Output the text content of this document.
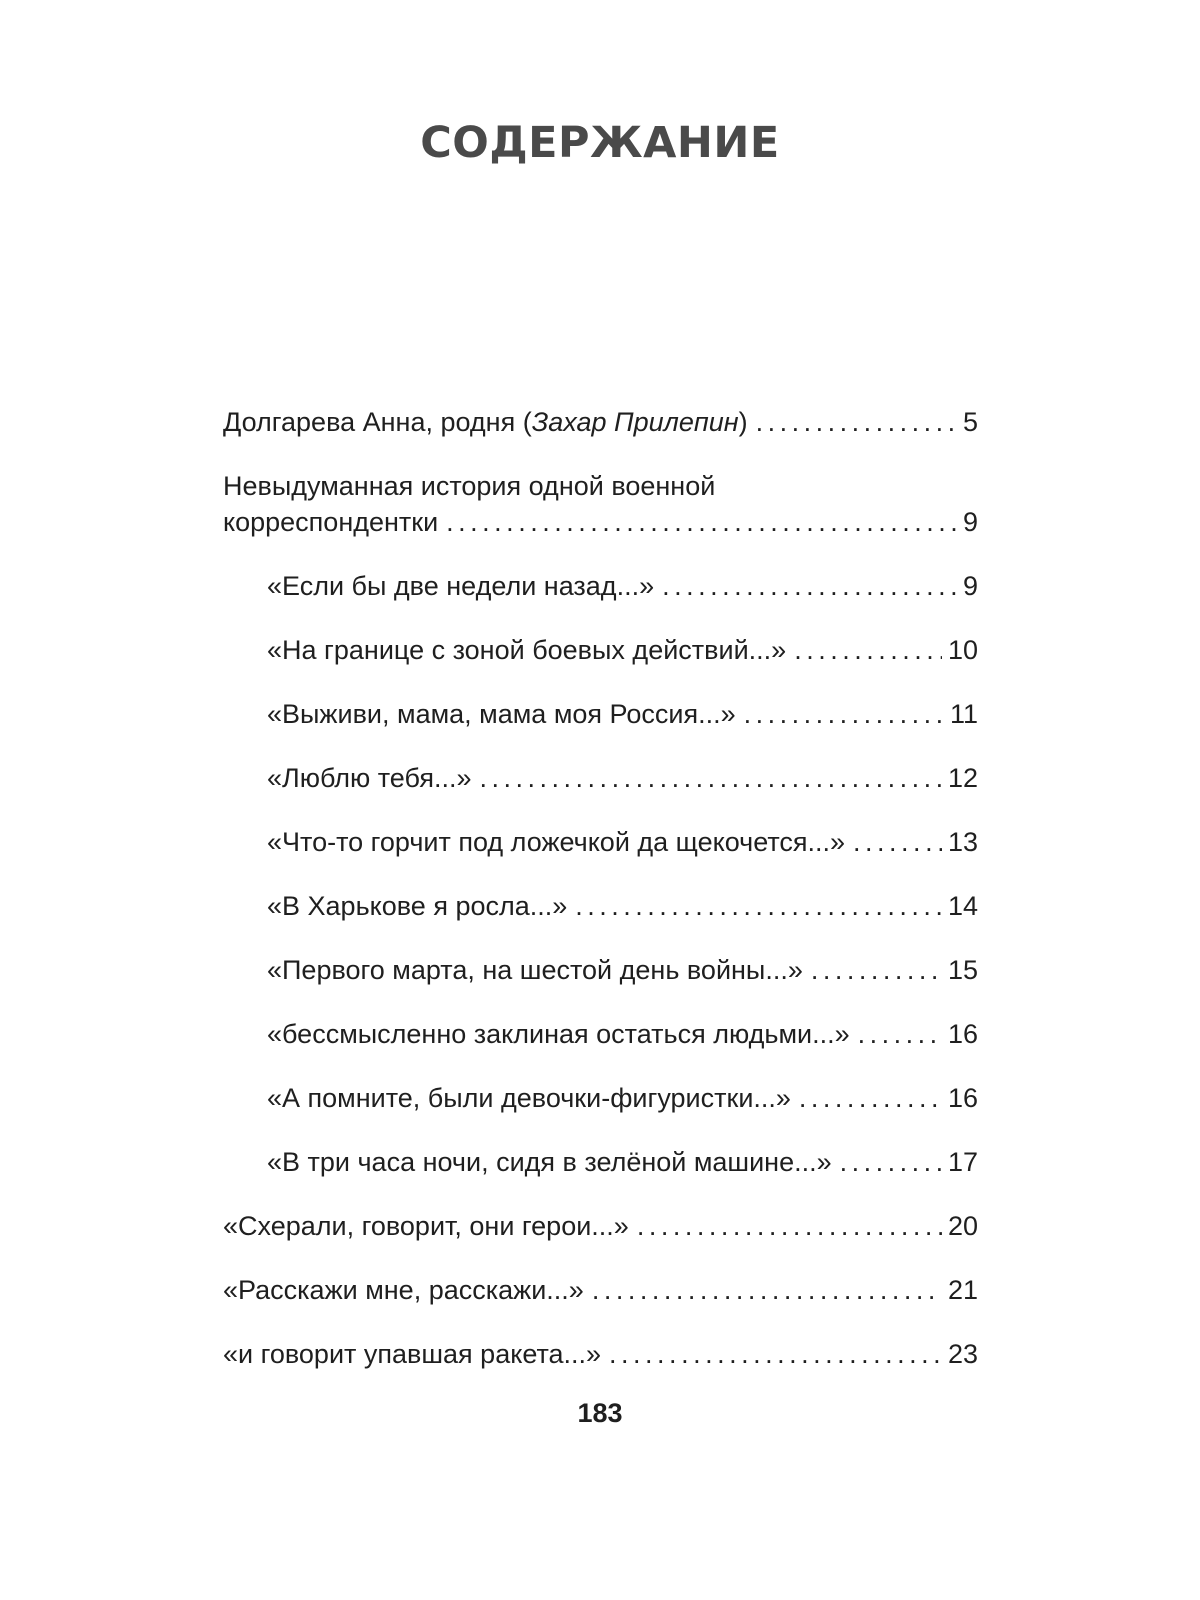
СОДЕРЖАНИЕ
Долгарева Анна, родня (Захар Прилепин) . . .	5
Невыдуманная история одной военной
корреспондентки . . .	9
«Если бы две недели назад...» . . .	9
«На границе с зоной боевых действий...» . . .	10
«Выживи, мама, мама моя Россия...» . . .	11
«Люблю тебя...» . . .	12
«Что-то горчит под ложечкой да щекочется...» . . .	13
«В Харькове я росла...» . . .	14
«Первого марта, на шестой день войны...» . . .	15
«бессмысленно заклиная остаться людьми...» . . .	16
«А помните, были девочки-фигуристки...» . . .	16
«В три часа ночи, сидя в зелёной машине...» . . .	17
«Схерали, говорит, они герои...» . . .	20
«Расскажи мне, расскажи...» . . .	21
«и говорит упавшая ракета...» . . .	23
183
